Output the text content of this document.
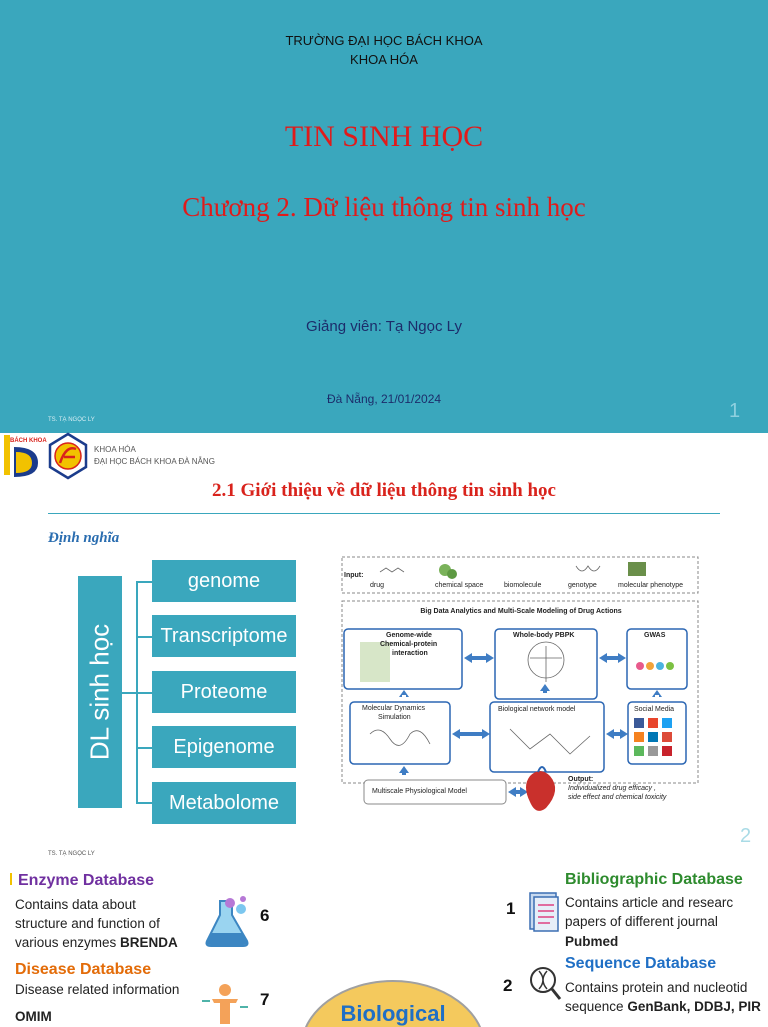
TRƯỜNG ĐẠI HỌC BÁCH KHOA
KHOA HÓA
TIN SINH HỌC
Chương 2. Dữ liệu thông tin sinh học
Giảng viên: Tạ Ngọc Ly
Đà Nẵng, 21/01/2024
TS. TẠ NGỌC LY	1
BÁCH KHOA
KHOA HÓA
ĐẠI HỌC BÁCH KHOA ĐÀ NẴNG
2.1 Giới thiệu về dữ liệu thông tin sinh học
Định nghĩa
DL sinh học
genome
Transcriptome
Proteome
Epigenome
Metabolome
Input:
drug	chemical space	biomolecule	genotype	molecular phenotype
Big Data Analytics and Multi-Scale Modeling of Drug Actions
Genome-wide
Chemical-protein
interaction
Whole-body PBPK	GWAS
Molecular Dynamics
Simulation
Biological network model	Social Media
Multiscale Physiological Model
Output:
Individualized drug efficacy ,
side effect and chemical toxicity
2
TS. TẠ NGỌC LY
Enzyme Database
Contains data about
structure and function of
various enzymes BRENDA
6
Disease Database
Disease related information
OMIM
7
Biological
1
Bibliographic Database
Contains article and researc
papers of different journal
Pubmed
2
Sequence Database
Contains protein and nucleotid
sequence GenBank, DDBJ, PIR
